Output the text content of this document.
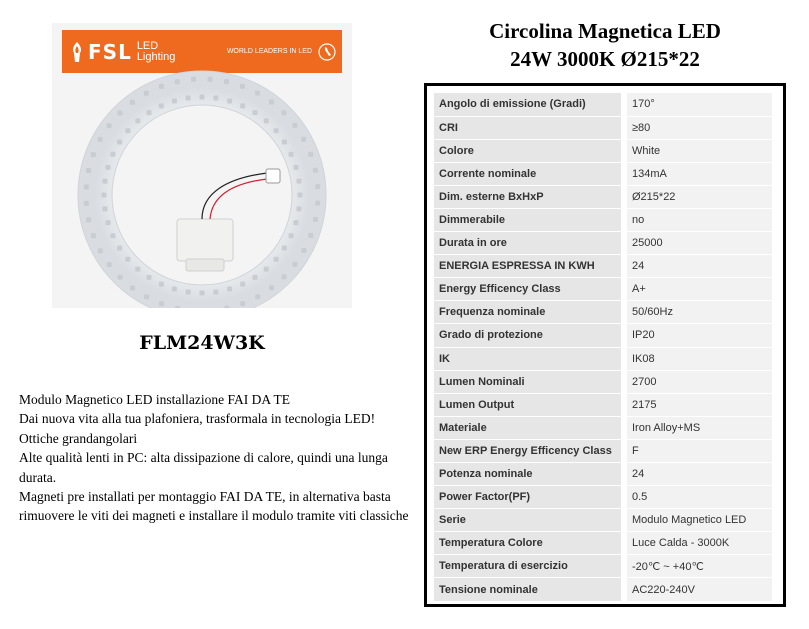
FSL LED
Lighting	WORLD LEADERS IN LED
FLM24W3K

Modulo Magnetico LED installazione FAI DA TE

Dai nuova vita alla tua plafoniera, trasformala in tecnologia LED!

Ottiche grandangolari

Alte qualità lenti in PC: alta dissipazione di calore, quindi una lunga durata.

Magneti pre installati per montaggio FAI DA TE, in alternativa basta rimuovere le viti dei magneti e installare il modulo tramite viti classiche

Circolina Magnetica LED
24W 3000K Ø215*22
Angolo di emissione (Gradi)	170°
CRI	≥80
Colore	White
Corrente nominale	134mA
Dim. esterne BxHxP	Ø215*22
Dimmerabile	no
Durata in ore	25000
ENERGIA ESPRESSA IN KWH	24
Energy Efficency Class	A+
Frequenza nominale	50/60Hz
Grado di protezione	IP20
IK	IK08
Lumen Nominali	2700
Lumen Output	2175
Materiale	Iron Alloy+MS
New ERP Energy Efficency Class	F
Potenza nominale	24
Power Factor(PF)	0.5
Serie	Modulo Magnetico LED
Temperatura Colore	Luce Calda - 3000K
Temperatura di esercizio	-20℃ ~ +40℃
Tensione nominale	AC220-240V
